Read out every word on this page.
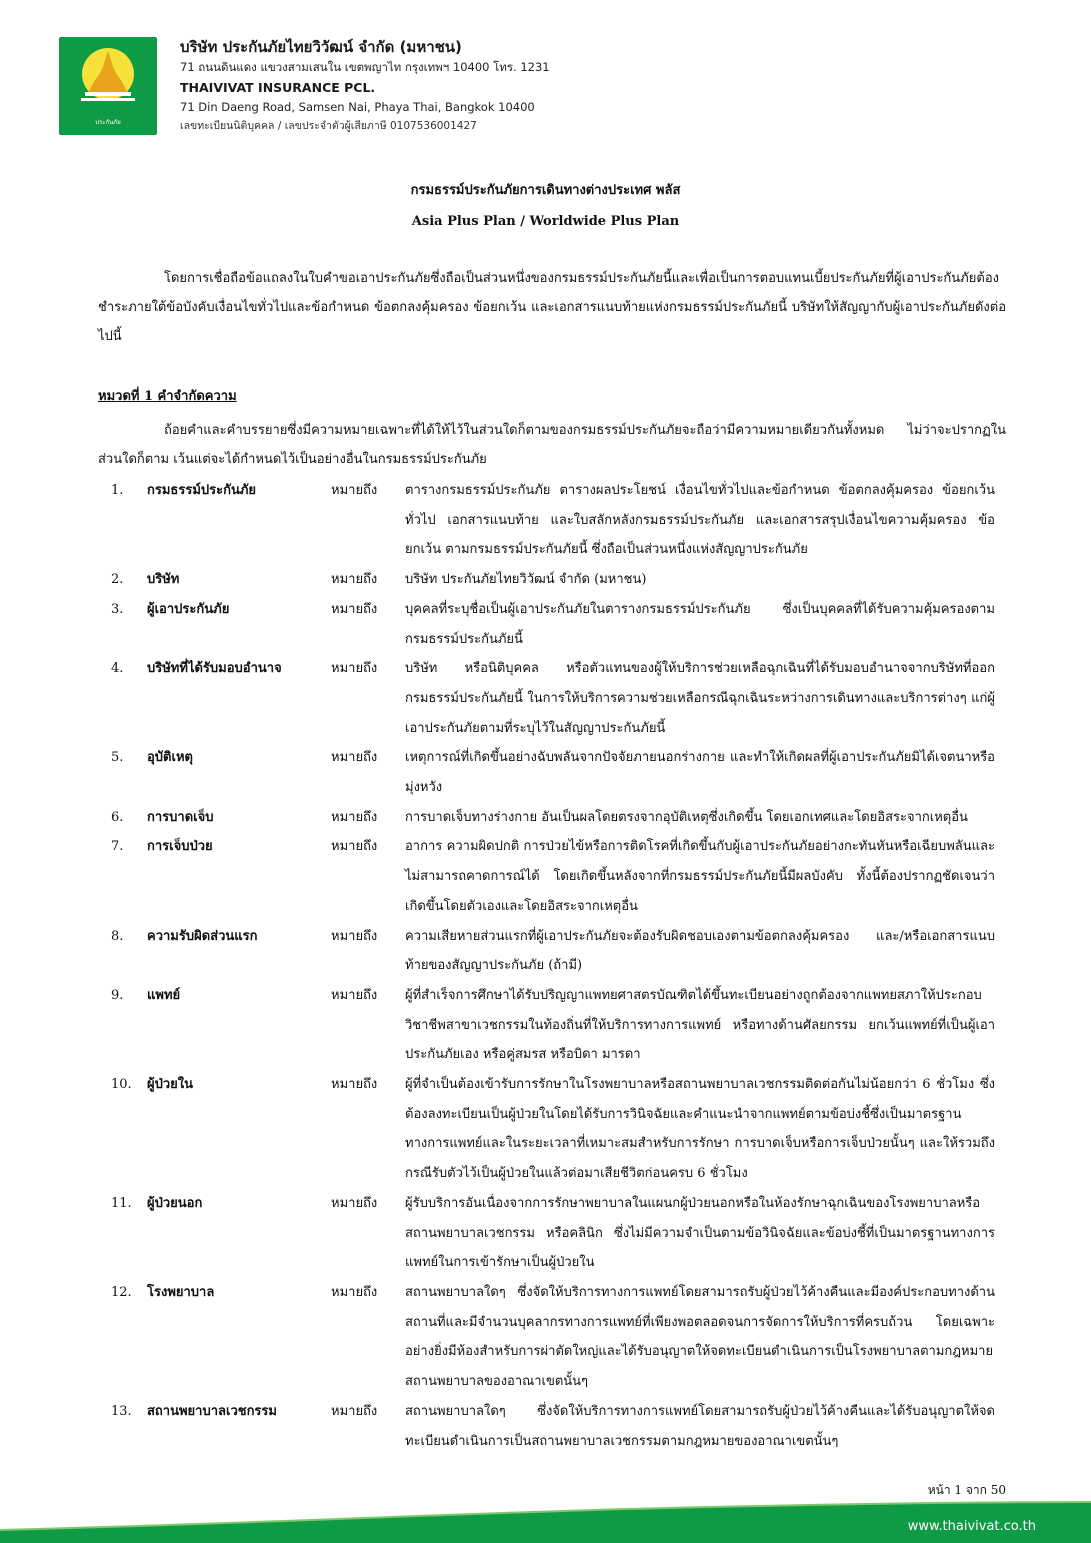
ประกันภัย
ไทยวิวัฒน์
บริษัท ประกันภัยไทยวิวัฒน์ จำกัด (มหาชน)
71 ถนนดินแดง แขวงสามเสนใน เขตพญาไท กรุงเทพฯ 10400 โทร. 1231
THAIVIVAT INSURANCE PCL.
71 Din Daeng Road, Samsen Nai, Phaya Thai, Bangkok 10400
เลขทะเบียนนิติบุคคล / เลขประจำตัวผู้เสียภาษี 0107536001427
กรมธรรม์ประกันภัยการเดินทางต่างประเทศ พลัส
Asia Plus Plan / Worldwide Plus Plan
โดยการเชื่อถือข้อแถลงในใบคำขอเอาประกันภัยซึ่งถือเป็นส่วนหนึ่งของกรมธรรม์ประกันภัยนี้และเพื่อเป็นการตอบแทนเบี้ยประกันภัยที่ผู้เอาประกันภัยต้องชำระภายใต้ข้อบังคับเงื่อนไขทั่วไปและข้อกำหนด ข้อตกลงคุ้มครอง ข้อยกเว้น และเอกสารแนบท้ายแห่งกรมธรรม์ประกันภัยนี้ บริษัทให้สัญญากับผู้เอาประกันภัยดังต่อไปนี้
หมวดที่ 1 คำจำกัดความ
ถ้อยคำและคำบรรยายซึ่งมีความหมายเฉพาะที่ได้ให้ไว้ในส่วนใดก็ตามของกรมธรรม์ประกันภัยจะถือว่ามีความหมายเดียวกันทั้งหมด ไม่ว่าจะปรากฏในส่วนใดก็ตาม เว้นแต่จะได้กำหนดไว้เป็นอย่างอื่นในกรมธรรม์ประกันภัย
1.	กรมธรรม์ประกันภัย	หมายถึง	ตารางกรมธรรม์ประกันภัย ตารางผลประโยชน์ เงื่อนไขทั่วไปและข้อกำหนด ข้อตกลงคุ้มครอง ข้อยกเว้นทั่วไป เอกสารแนบท้าย และใบสลักหลังกรมธรรม์ประกันภัย และเอกสารสรุปเงื่อนไขความคุ้มครอง ข้อยกเว้น ตามกรมธรรม์ประกันภัยนี้ ซึ่งถือเป็นส่วนหนึ่งแห่งสัญญาประกันภัย
2.	บริษัท	หมายถึง	บริษัท ประกันภัยไทยวิวัฒน์ จำกัด (มหาชน)
3.	ผู้เอาประกันภัย	หมายถึง	บุคคลที่ระบุชื่อเป็นผู้เอาประกันภัยในตารางกรมธรรม์ประกันภัย ซึ่งเป็นบุคคลที่ได้รับความคุ้มครองตามกรมธรรม์ประกันภัยนี้
4.	บริษัทที่ได้รับมอบอำนาจ	หมายถึง	บริษัท หรือนิติบุคคล หรือตัวแทนของผู้ให้บริการช่วยเหลือฉุกเฉินที่ได้รับมอบอำนาจจากบริษัทที่ออกกรมธรรม์ประกันภัยนี้ ในการให้บริการความช่วยเหลือกรณีฉุกเฉินระหว่างการเดินทางและบริการต่างๆ แก่ผู้เอาประกันภัยตามที่ระบุไว้ในสัญญาประกันภัยนี้
5.	อุบัติเหตุ	หมายถึง	เหตุการณ์ที่เกิดขึ้นอย่างฉับพลันจากปัจจัยภายนอกร่างกาย และทำให้เกิดผลที่ผู้เอาประกันภัยมิได้เจตนาหรือมุ่งหวัง
6.	การบาดเจ็บ	หมายถึง	การบาดเจ็บทางร่างกาย อันเป็นผลโดยตรงจากอุบัติเหตุซึ่งเกิดขึ้น โดยเอกเทศและโดยอิสระจากเหตุอื่น
7.	การเจ็บป่วย	หมายถึง	อาการ ความผิดปกติ การป่วยไข้หรือการติดโรคที่เกิดขึ้นกับผู้เอาประกันภัยอย่างกะทันหันหรือเฉียบพลันและไม่สามารถคาดการณ์ได้ โดยเกิดขึ้นหลังจากที่กรมธรรม์ประกันภัยนี้มีผลบังคับ ทั้งนี้ต้องปรากฏชัดเจนว่าเกิดขึ้นโดยตัวเองและโดยอิสระจากเหตุอื่น
8.	ความรับผิดส่วนแรก	หมายถึง	ความเสียหายส่วนแรกที่ผู้เอาประกันภัยจะต้องรับผิดชอบเองตามข้อตกลงคุ้มครอง และ/หรือเอกสารแนบท้ายของสัญญาประกันภัย (ถ้ามี)
9.	แพทย์	หมายถึง	ผู้ที่สำเร็จการศึกษาได้รับปริญญาแพทยศาสตรบัณฑิตได้ขึ้นทะเบียนอย่างถูกต้องจากแพทยสภาให้ประกอบวิชาชีพสาขาเวชกรรมในท้องถิ่นที่ให้บริการทางการแพทย์ หรือทางด้านศัลยกรรม ยกเว้นแพทย์ที่เป็นผู้เอาประกันภัยเอง หรือคู่สมรส หรือบิดา มารดา
10.	ผู้ป่วยใน	หมายถึง	ผู้ที่จำเป็นต้องเข้ารับการรักษาในโรงพยาบาลหรือสถานพยาบาลเวชกรรมติดต่อกันไม่น้อยกว่า 6 ชั่วโมง ซึ่งต้องลงทะเบียนเป็นผู้ป่วยในโดยได้รับการวินิจฉัยและคำแนะนำจากแพทย์ตามข้อบ่งชี้ซึ่งเป็นมาตรฐานทางการแพทย์และในระยะเวลาที่เหมาะสมสำหรับการรักษา การบาดเจ็บหรือการเจ็บป่วยนั้นๆ และให้รวมถึงกรณีรับตัวไว้เป็นผู้ป่วยในแล้วต่อมาเสียชีวิตก่อนครบ 6 ชั่วโมง
11.	ผู้ป่วยนอก	หมายถึง	ผู้รับบริการอันเนื่องจากการรักษาพยาบาลในแผนกผู้ป่วยนอกหรือในห้องรักษาฉุกเฉินของโรงพยาบาลหรือสถานพยาบาลเวชกรรม หรือคลินิก ซึ่งไม่มีความจำเป็นตามข้อวินิจฉัยและข้อบ่งชี้ที่เป็นมาตรฐานทางการแพทย์ในการเข้ารักษาเป็นผู้ป่วยใน
12.	โรงพยาบาล	หมายถึง	สถานพยาบาลใดๆ ซึ่งจัดให้บริการทางการแพทย์โดยสามารถรับผู้ป่วยไว้ค้างคืนและมีองค์ประกอบทางด้านสถานที่และมีจำนวนบุคลากรทางการแพทย์ที่เพียงพอตลอดจนการจัดการให้บริการที่ครบถ้วน โดยเฉพาะอย่างยิ่งมีห้องสำหรับการผ่าตัดใหญ่และได้รับอนุญาตให้จดทะเบียนดำเนินการเป็นโรงพยาบาลตามกฎหมายสถานพยาบาลของอาณาเขตนั้นๆ
13.	สถานพยาบาลเวชกรรม	หมายถึง	สถานพยาบาลใดๆ ซึ่งจัดให้บริการทางการแพทย์โดยสามารถรับผู้ป่วยไว้ค้างคืนและได้รับอนุญาตให้จดทะเบียนดำเนินการเป็นสถานพยาบาลเวชกรรมตามกฎหมายของอาณาเขตนั้นๆ
หน้า 1 จาก 50
www.thaivivat.co.th
